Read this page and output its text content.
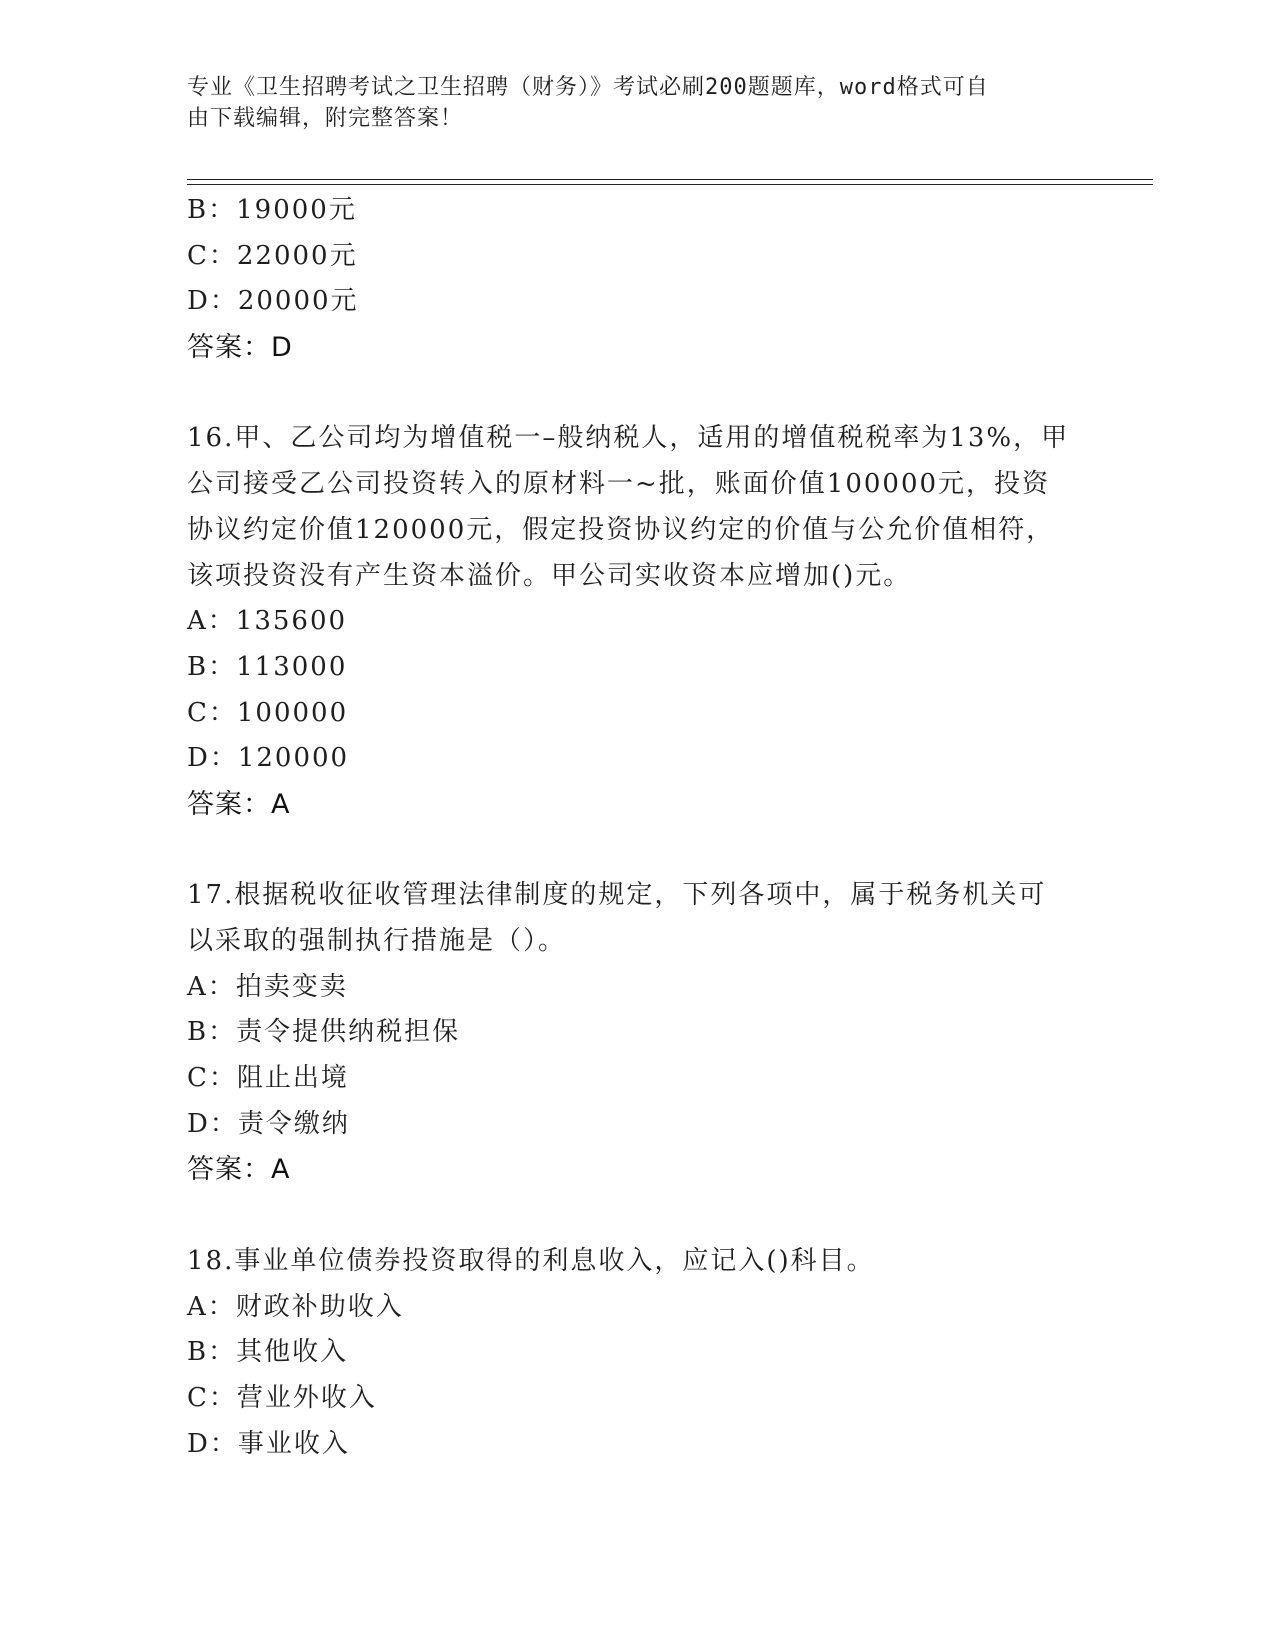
专业《卫生招聘考试之卫生招聘（财务）》考试必刷200题题库，word格式可自
由下载编辑，附完整答案！
B：19000元
C：22000元
D：20000元
答案：D
16.甲、乙公司均为增值税一–般纳税人，适用的增值税税率为13%，甲
公司接受乙公司投资转入的原材料一~批，账面价值100000元，投资
协议约定价值120000元，假定投资协议约定的价值与公允价值相符，
该项投资没有产生资本溢价。甲公司实收资本应增加()元。
A：135600
B：113000
C：100000
D：120000
答案：A
17.根据税收征收管理法律制度的规定，下列各项中，属于税务机关可
以采取的强制执行措施是（）。
A：拍卖变卖
B：责令提供纳税担保
C：阻止出境
D：责令缴纳
答案：A
18.事业单位债券投资取得的利息收入，应记入()科目。
A：财政补助收入
B：其他收入
C：营业外收入
D：事业收入
